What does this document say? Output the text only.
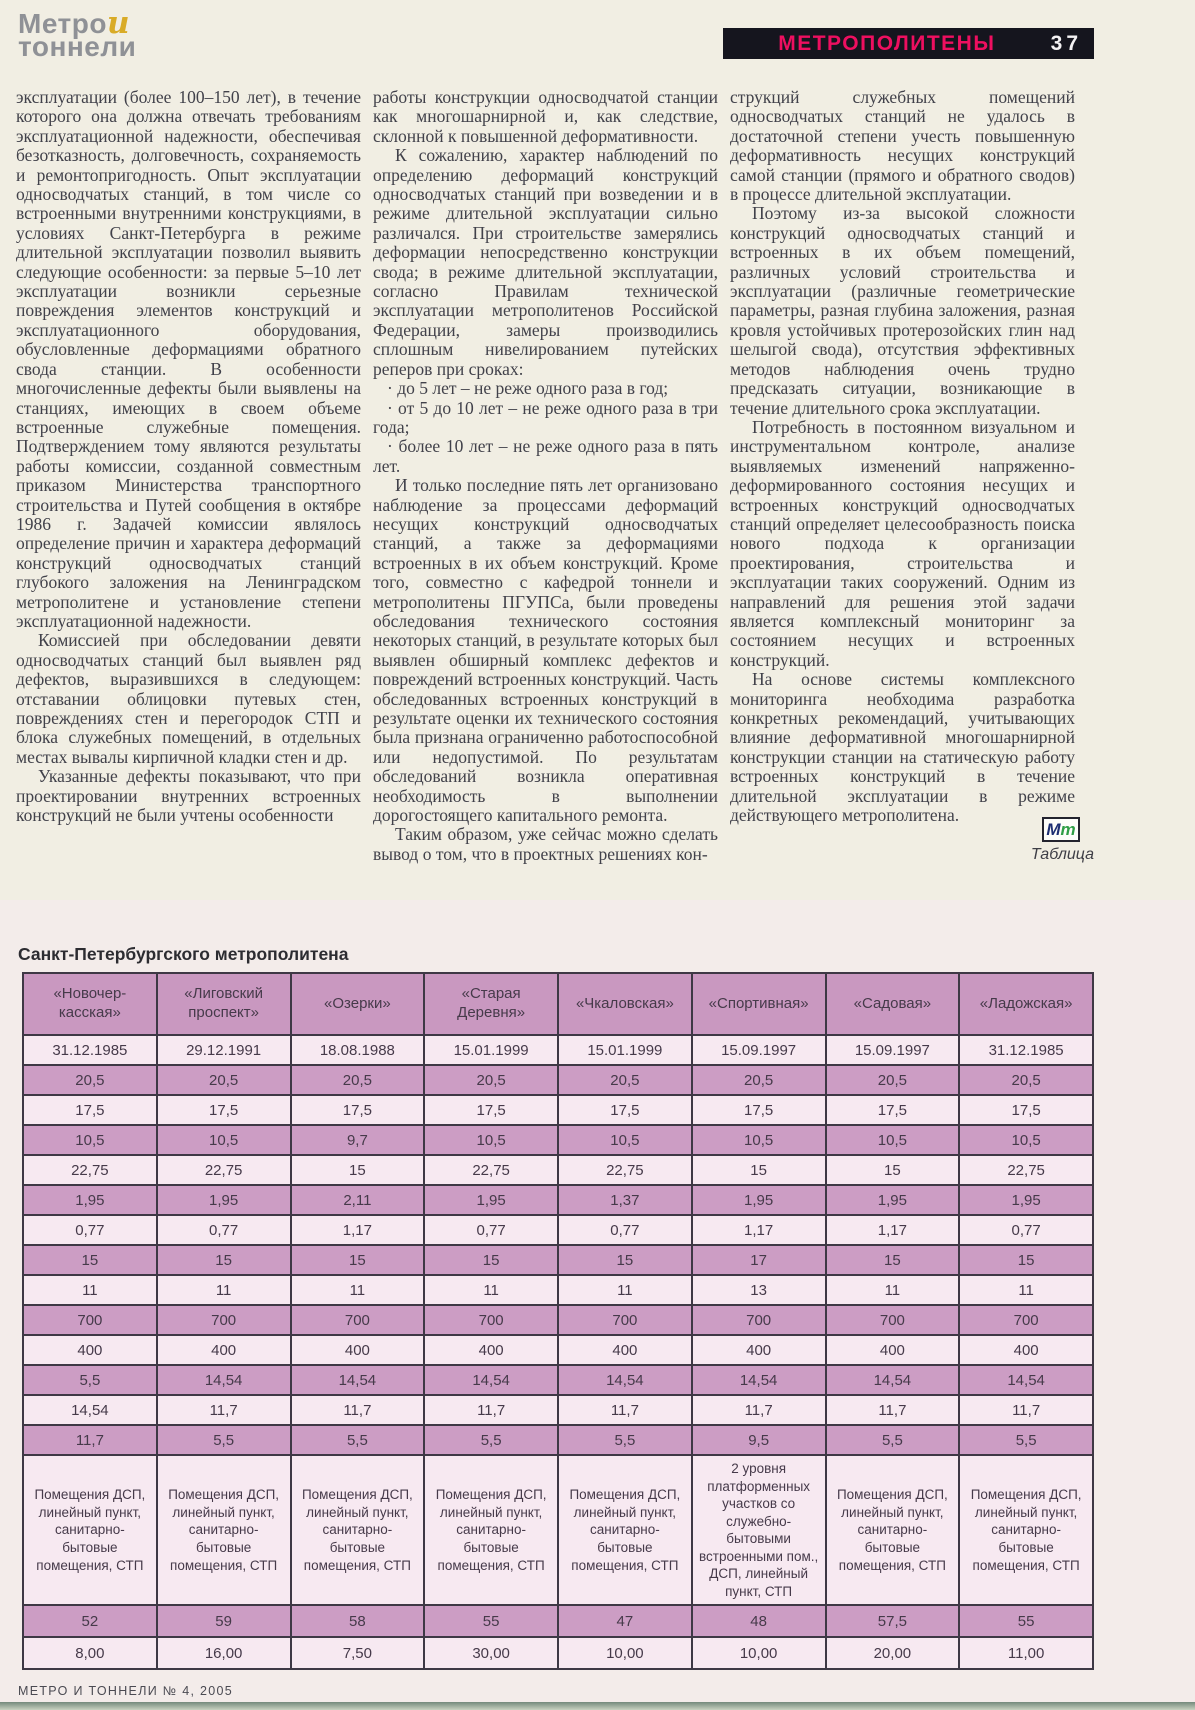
Метрои
тоннели	МЕТРОПОЛИТЕНЫ	37

эксплуатации (более 100–150 лет), в течение которого она должна отвечать требованиям эксплуатационной надежности, обеспечивая безотказность, долговечность, сохраняемость и ремонтопригодность. Опыт эксплуатации односводчатых станций, в том числе со встроенными внутренними конструкциями, в условиях Санкт-Петербурга в режиме длительной эксплуатации позволил выявить следующие особенности: за первые 5–10 лет эксплуатации возникли серьезные повреждения элементов конструкций и эксплуатационного оборудования, обусловленные деформациями обратного свода станции. В особенности многочисленные дефекты были выявлены на станциях, имеющих в своем объеме встроенные служебные помещения. Подтверждением тому являются результаты работы комиссии, созданной совместным приказом Министерства транспортного строительства и Путей сообщения в октябре 1986 г. Задачей комиссии являлось определение причин и характера деформаций конструкций односводчатых станций глубокого заложения на Ленинградском метрополитене и установление степени эксплуатационной надежности.

Комиссией при обследовании девяти односводчатых станций был выявлен ряд дефектов, выразившихся в следующем: отставании облицовки путевых стен, повреждениях стен и перегородок СТП и блока служебных помещений, в отдельных местах вывалы кирпичной кладки стен и др.

Указанные дефекты показывают, что при проектировании внутренних встроенных конструкций не были учтены особенности

работы конструкции односводчатой станции как многошарнирной и, как следствие, склонной к повышенной деформативности.

К сожалению, характер наблюдений по определению деформаций конструкций односводчатых станций при возведении и в режиме длительной эксплуатации сильно различался. При строительстве замерялись деформации непосредственно конструкции свода; в режиме длительной эксплуатации, согласно Правилам технической эксплуатации метрополитенов Российской Федерации, замеры производились сплошным нивелированием путейских реперов при сроках:

· до 5 лет – не реже одного раза в год;

· от 5 до 10 лет – не реже одного раза в три года;

· более 10 лет – не реже одного раза в пять лет.

И только последние пять лет организовано наблюдение за процессами деформаций несущих конструкций односводчатых станций, а также за деформациями встроенных в их объем конструкций. Кроме того, совместно с кафедрой тоннели и метрополитены ПГУПСа, были проведены обследования технического состояния некоторых станций, в результате которых был выявлен обширный комплекс дефектов и повреждений встроенных конструкций. Часть обследованных встроенных конструкций в результате оценки их технического состояния была признана ограниченно работоспособной или недопустимой. По результатам обследований возникла оперативная необходимость в выполнении дорогостоящего капитального ремонта.

Таким образом, уже сейчас можно сделать вывод о том, что в проектных решениях кон-

струкций служебных помещений односводчатых станций не удалось в достаточной степени учесть повышенную деформативность несущих конструкций самой станции (прямого и обратного сводов) в процессе длительной эксплуатации.

Поэтому из-за высокой сложности конструкций односводчатых станций и встроенных в их объем помещений, различных условий строительства и эксплуатации (различные геометрические параметры, разная глубина заложения, разная кровля устойчивых протерозойских глин над шелыгой свода), отсутствия эффективных методов наблюдения очень трудно предсказать ситуации, возникающие в течение длительного срока эксплуатации.

Потребность в постоянном визуальном и инструментальном контроле, анализе выявляемых изменений напряженно-деформированного состояния несущих и встроенных конструкций односводчатых станций определяет целесообразность поиска нового подхода к организации проектирования, строительства и эксплуатации таких сооружений. Одним из направлений для решения этой задачи является комплексный мониторинг за состоянием несущих и встроенных конструкций.

На основе системы комплексного мониторинга необходима разработка конкретных рекомендаций, учитывающих влияние деформативной многошарнирной конструкции станции на статическую работу встроенных конструкций в течение длительной эксплуатации в режиме действующего метрополитена.

М т
Таблица
Санкт-Петербургского метрополитена
«Новочер-касская»	«Лиговский проспект»	«Озерки»	«Старая Деревня»	«Чкаловская»	«Спортивная»	«Садовая»	«Ладожская»
31.12.1985	29.12.1991	18.08.1988	15.01.1999	15.01.1999	15.09.1997	15.09.1997	31.12.1985
20,5	20,5	20,5	20,5	20,5	20,5	20,5	20,5
17,5	17,5	17,5	17,5	17,5	17,5	17,5	17,5
10,5	10,5	9,7	10,5	10,5	10,5	10,5	10,5
22,75	22,75	15	22,75	22,75	15	15	22,75
1,95	1,95	2,11	1,95	1,37	1,95	1,95	1,95
0,77	0,77	1,17	0,77	0,77	1,17	1,17	0,77
15	15	15	15	15	17	15	15
11	11	11	11	11	13	11	11
700	700	700	700	700	700	700	700
400	400	400	400	400	400	400	400
5,5	14,54	14,54	14,54	14,54	14,54	14,54	14,54
14,54	11,7	11,7	11,7	11,7	11,7	11,7	11,7
11,7	5,5	5,5	5,5	5,5	9,5	5,5	5,5
Помещения ДСП, линейный пункт, санитарно-бытовые помещения, СТП	Помещения ДСП, линейный пункт, санитарно-бытовые помещения, СТП	Помещения ДСП, линейный пункт, санитарно-бытовые помещения, СТП	Помещения ДСП, линейный пункт, санитарно-бытовые помещения, СТП	Помещения ДСП, линейный пункт, санитарно-бытовые помещения, СТП	2 уровня платформенных участков со служебно-бытовыми встроенными пом., ДСП, линейный пункт, СТП	Помещения ДСП, линейный пункт, санитарно-бытовые помещения, СТП	Помещения ДСП, линейный пункт, санитарно-бытовые помещения, СТП
52	59	58	55	47	48	57,5	55
8,00	16,00	7,50	30,00	10,00	10,00	20,00	11,00
МЕТРО И ТОННЕЛИ № 4, 2005
